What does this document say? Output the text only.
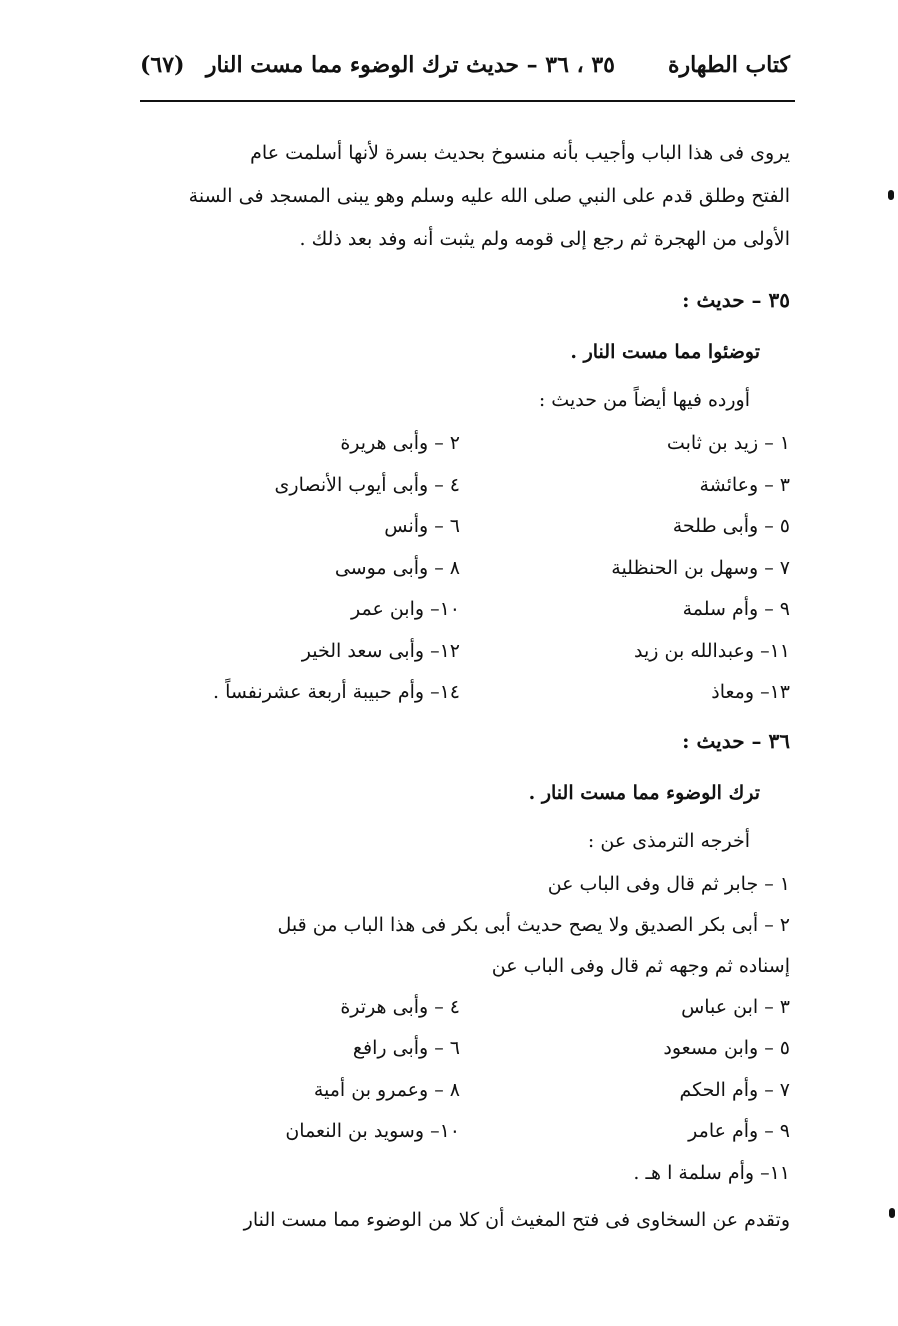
كتاب الطهارة
٣٥ ، ٣٦ – حديث ترك الوضوء مما مست النار
(٦٧)

يروى فى هذا الباب وأجيب بأنه منسوخ بحديث بسرة لأنها أسلمت عام
الفتح وطلق قدم على النبي صلى الله عليه وسلم وهو يبنى المسجد فى السنة
الأولى من الهجرة ثم رجع إلى قومه ولم يثبت أنه وفد بعد ذلك .

٣٥ – حديث :

توضئوا مما مست النار .

أورده فيها أيضاً من حديث :

١ – زيد بن ثابت
٢ – وأبى هريرة
٣ – وعائشة
٤ – وأبى أيوب الأنصارى
٥ – وأبى طلحة
٦ – وأنس
٧ – وسهل بن الحنظلية
٨ – وأبى موسى
٩ – وأم سلمة
١٠– وابن عمر
١١– وعبدالله بن زيد
١٢– وأبى سعد الخير
١٣– ومعاذ
١٤– وأم حبيبة أربعة عشرنفساً .

٣٦ – حديث :

ترك الوضوء مما مست النار .

أخرجه الترمذى عن :

١ – جابر ثم قال وفى الباب عن

٢ – أبى بكر الصديق ولا يصح حديث أبى بكر فى هذا الباب من قبل

إسناده ثم وجهه ثم قال وفى الباب عن

٣ – ابن عباس
٤ – وأبى هرترة
٥ – وابن مسعود
٦ – وأبى رافع
٧ – وأم الحكم
٨ – وعمرو بن أمية
٩ – وأم عامر
١٠– وسويد بن النعمان

١١– وأم سلمة ا هـ .

وتقدم عن السخاوى فى فتح المغيث أن كلا من الوضوء مما مست النار
